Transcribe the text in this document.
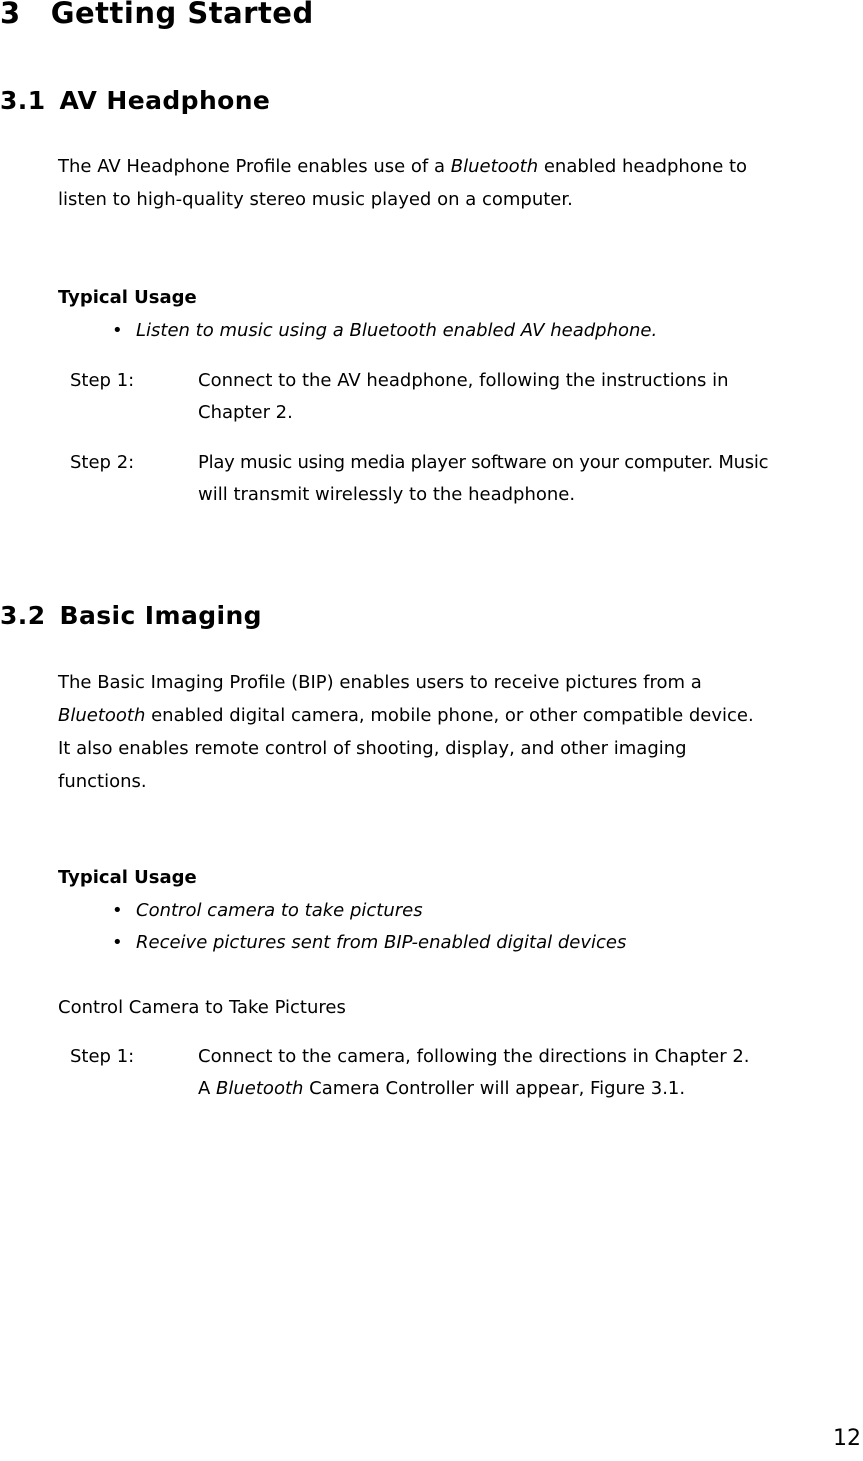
3 Getting Started
3.1 AV Headphone
The AV Headphone Profile enables use of a Bluetooth enabled headphone to
listen to high-quality stereo music played on a computer.
Typical Usage
• Listen to music using a Bluetooth enabled AV headphone.
Step 1:	Connect to the AV headphone, following the instructions in
Chapter 2.
Step 2:	Play music using media player software on your computer. Music
will transmit wirelessly to the headphone.
3.2 Basic Imaging
The Basic Imaging Profile (BIP) enables users to receive pictures from a
Bluetooth enabled digital camera, mobile phone, or other compatible device.
It also enables remote control of shooting, display, and other imaging
functions.
Typical Usage
• Control camera to take pictures
• Receive pictures sent from BIP-enabled digital devices
Control Camera to Take Pictures
Step 1:	Connect to the camera, following the directions in Chapter 2.
A Bluetooth Camera Controller will appear, Figure 3.1.
12
